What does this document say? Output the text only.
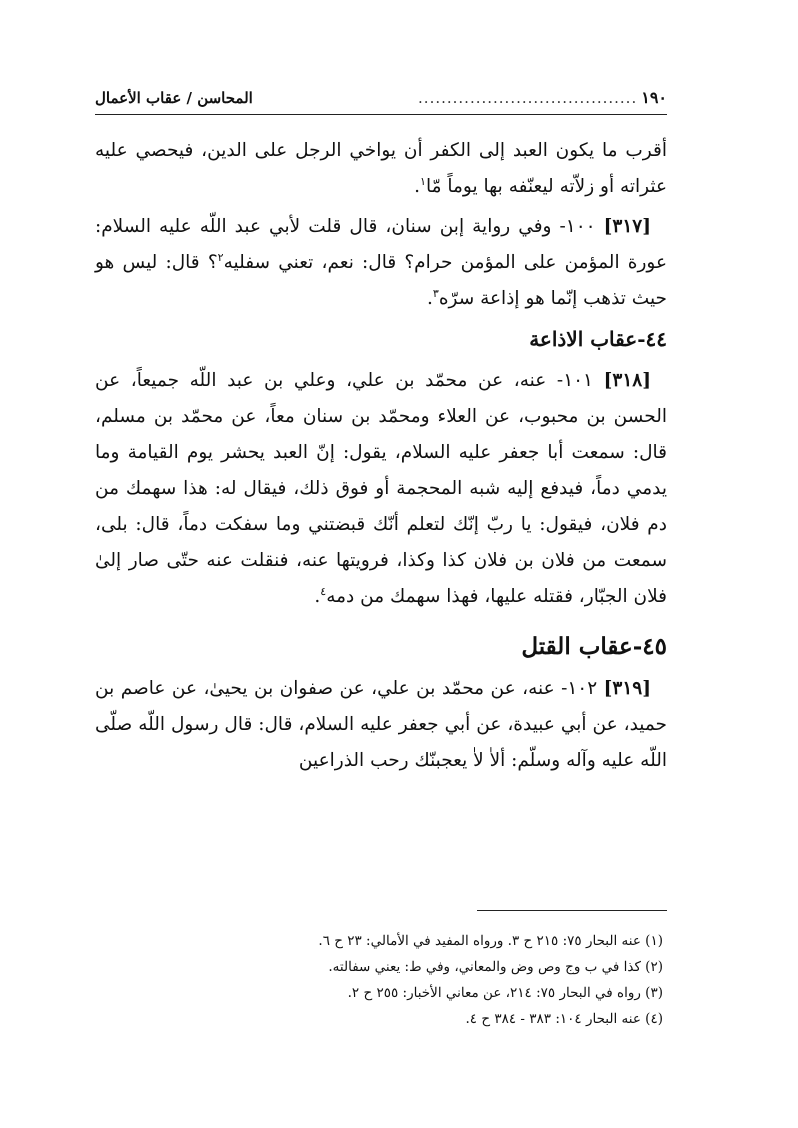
١٩٠
......................................
المحاسن / عقاب الأعمال

أقرب ما يكون العبد إلى الكفر أن يواخي الرجل على الدين، فيحصي عليه عثراته أو زلاّته ليعنّفه بها يوماً مّا$^١$.

[٣١٧] ١٠٠- وفي رواية إبن سنان، قال قلت لأبي عبد اللّه عليه السلام: عورة المؤمن على المؤمن حرام؟ قال: نعم، تعني سفليه$^٢$؟ قال: ليس هو حيث تذهب إنّما هو إذاعة سرّه$^٣$.

٤٤-عقاب الاذاعة

[٣١٨] ١٠١- عنه، عن محمّد بن علي، وعلي بن عبد اللّه جميعاً، عن الحسن بن محبوب، عن العلاء ومحمّد بن سنان معاً، عن محمّد بن مسلم، قال: سمعت أبا جعفر عليه السلام، يقول: إنّ العبد يحشر يوم القيامة وما يدمي دماً، فيدفع إليه شبه المحجمة أو فوق ذلك، فيقال له: هذا سهمك من دم فلان، فيقول: يا ربّ إنّك لتعلم أنّك قبضتني وما سفكت دماً، قال: بلى، سمعت من فلان بن فلان كذا وكذا، فرويتها عنه، فنقلت عنه حتّى صار إلىٰ فلان الجبّار، فقتله عليها، فهذا سهمك من دمه$^٤$.

٤٥-عقاب القتل

[٣١٩] ١٠٢- عنه، عن محمّد بن علي، عن صفوان بن يحيىٰ، عن عاصم بن حميد، عن أبي عبيدة، عن أبي جعفر عليه السلام، قال: قال رسول اللّه صلّى اللّه عليه وآله وسلّم: ألاٰ لاٰ يعجبنّك رحب الذراعين

(١) عنه البحار ٧٥: ٢١٥ ح ٣. ورواه المفيد في الأمالي: ٢٣ ح ٦.

(٢) كذا في ب وج وص وض والمعاني، وفي ط: يعني سفالته.

(٣) رواه في البحار ٧٥: ٢١٤، عن معاني الأخبار: ٢٥٥ ح ٢.

(٤) عنه البحار ١٠٤: ٣٨٣ - ٣٨٤ ح ٤.
